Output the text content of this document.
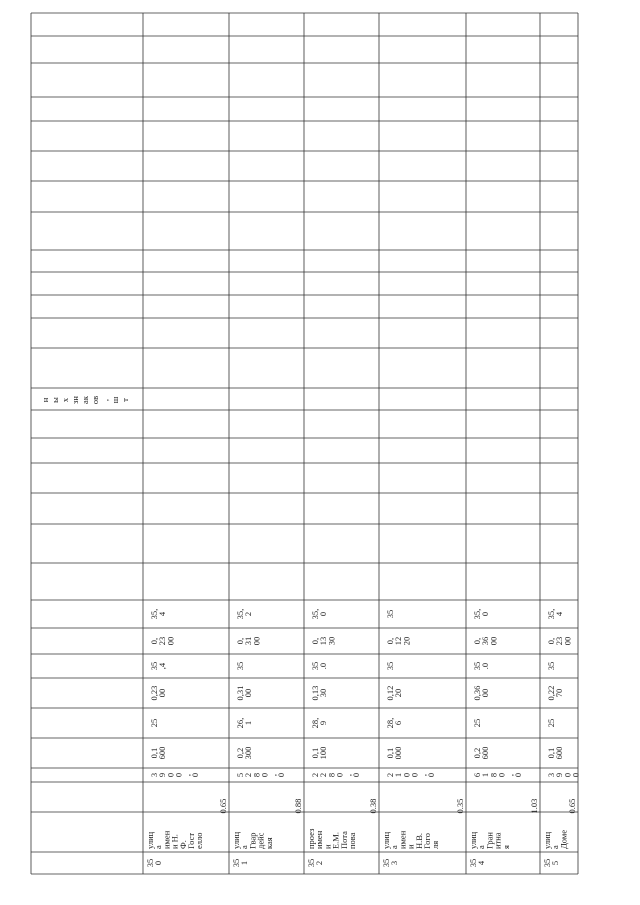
35
0
улиц
а
имен
и Н.
Ф.
Гост
елло
0.65
3
9
0
0
,
0
0,1
600
25
0,23
00
35
,4
0,
23
00
35,
4
35
1
улиц
а
Гвар
дейс
кая
0.88
5
2
8
0
,
0
0,2
300
26,
1
0,31
00
35
0,
31
00
35,
2
35
2
проез
имен
и
Е.М.
Пота
пова
0.38
2
2
8
0
,
0
0,1
100
28,
9
0,13
30
35
.0
0,
13
30
35,
0
35
3
улиц
а
имен
и
Н.В.
Гого
ля
0.35
2
1
0
0
,
0
0,1
000
28,
6
0,12
20
35
0,
12
20
35
35
4
улиц
а
Гран
итна
я
1.03
6
1
8
0
,
0
0,2
600
25
0,36
00
35
.0
0,
36
00
35,
0
35
5
улиц
а
Доме
0.65
3
9
0
0
0,1
600
25
0,22
70
35
0,
23
00
35,
4
н ы х зн ак ов , ш т
